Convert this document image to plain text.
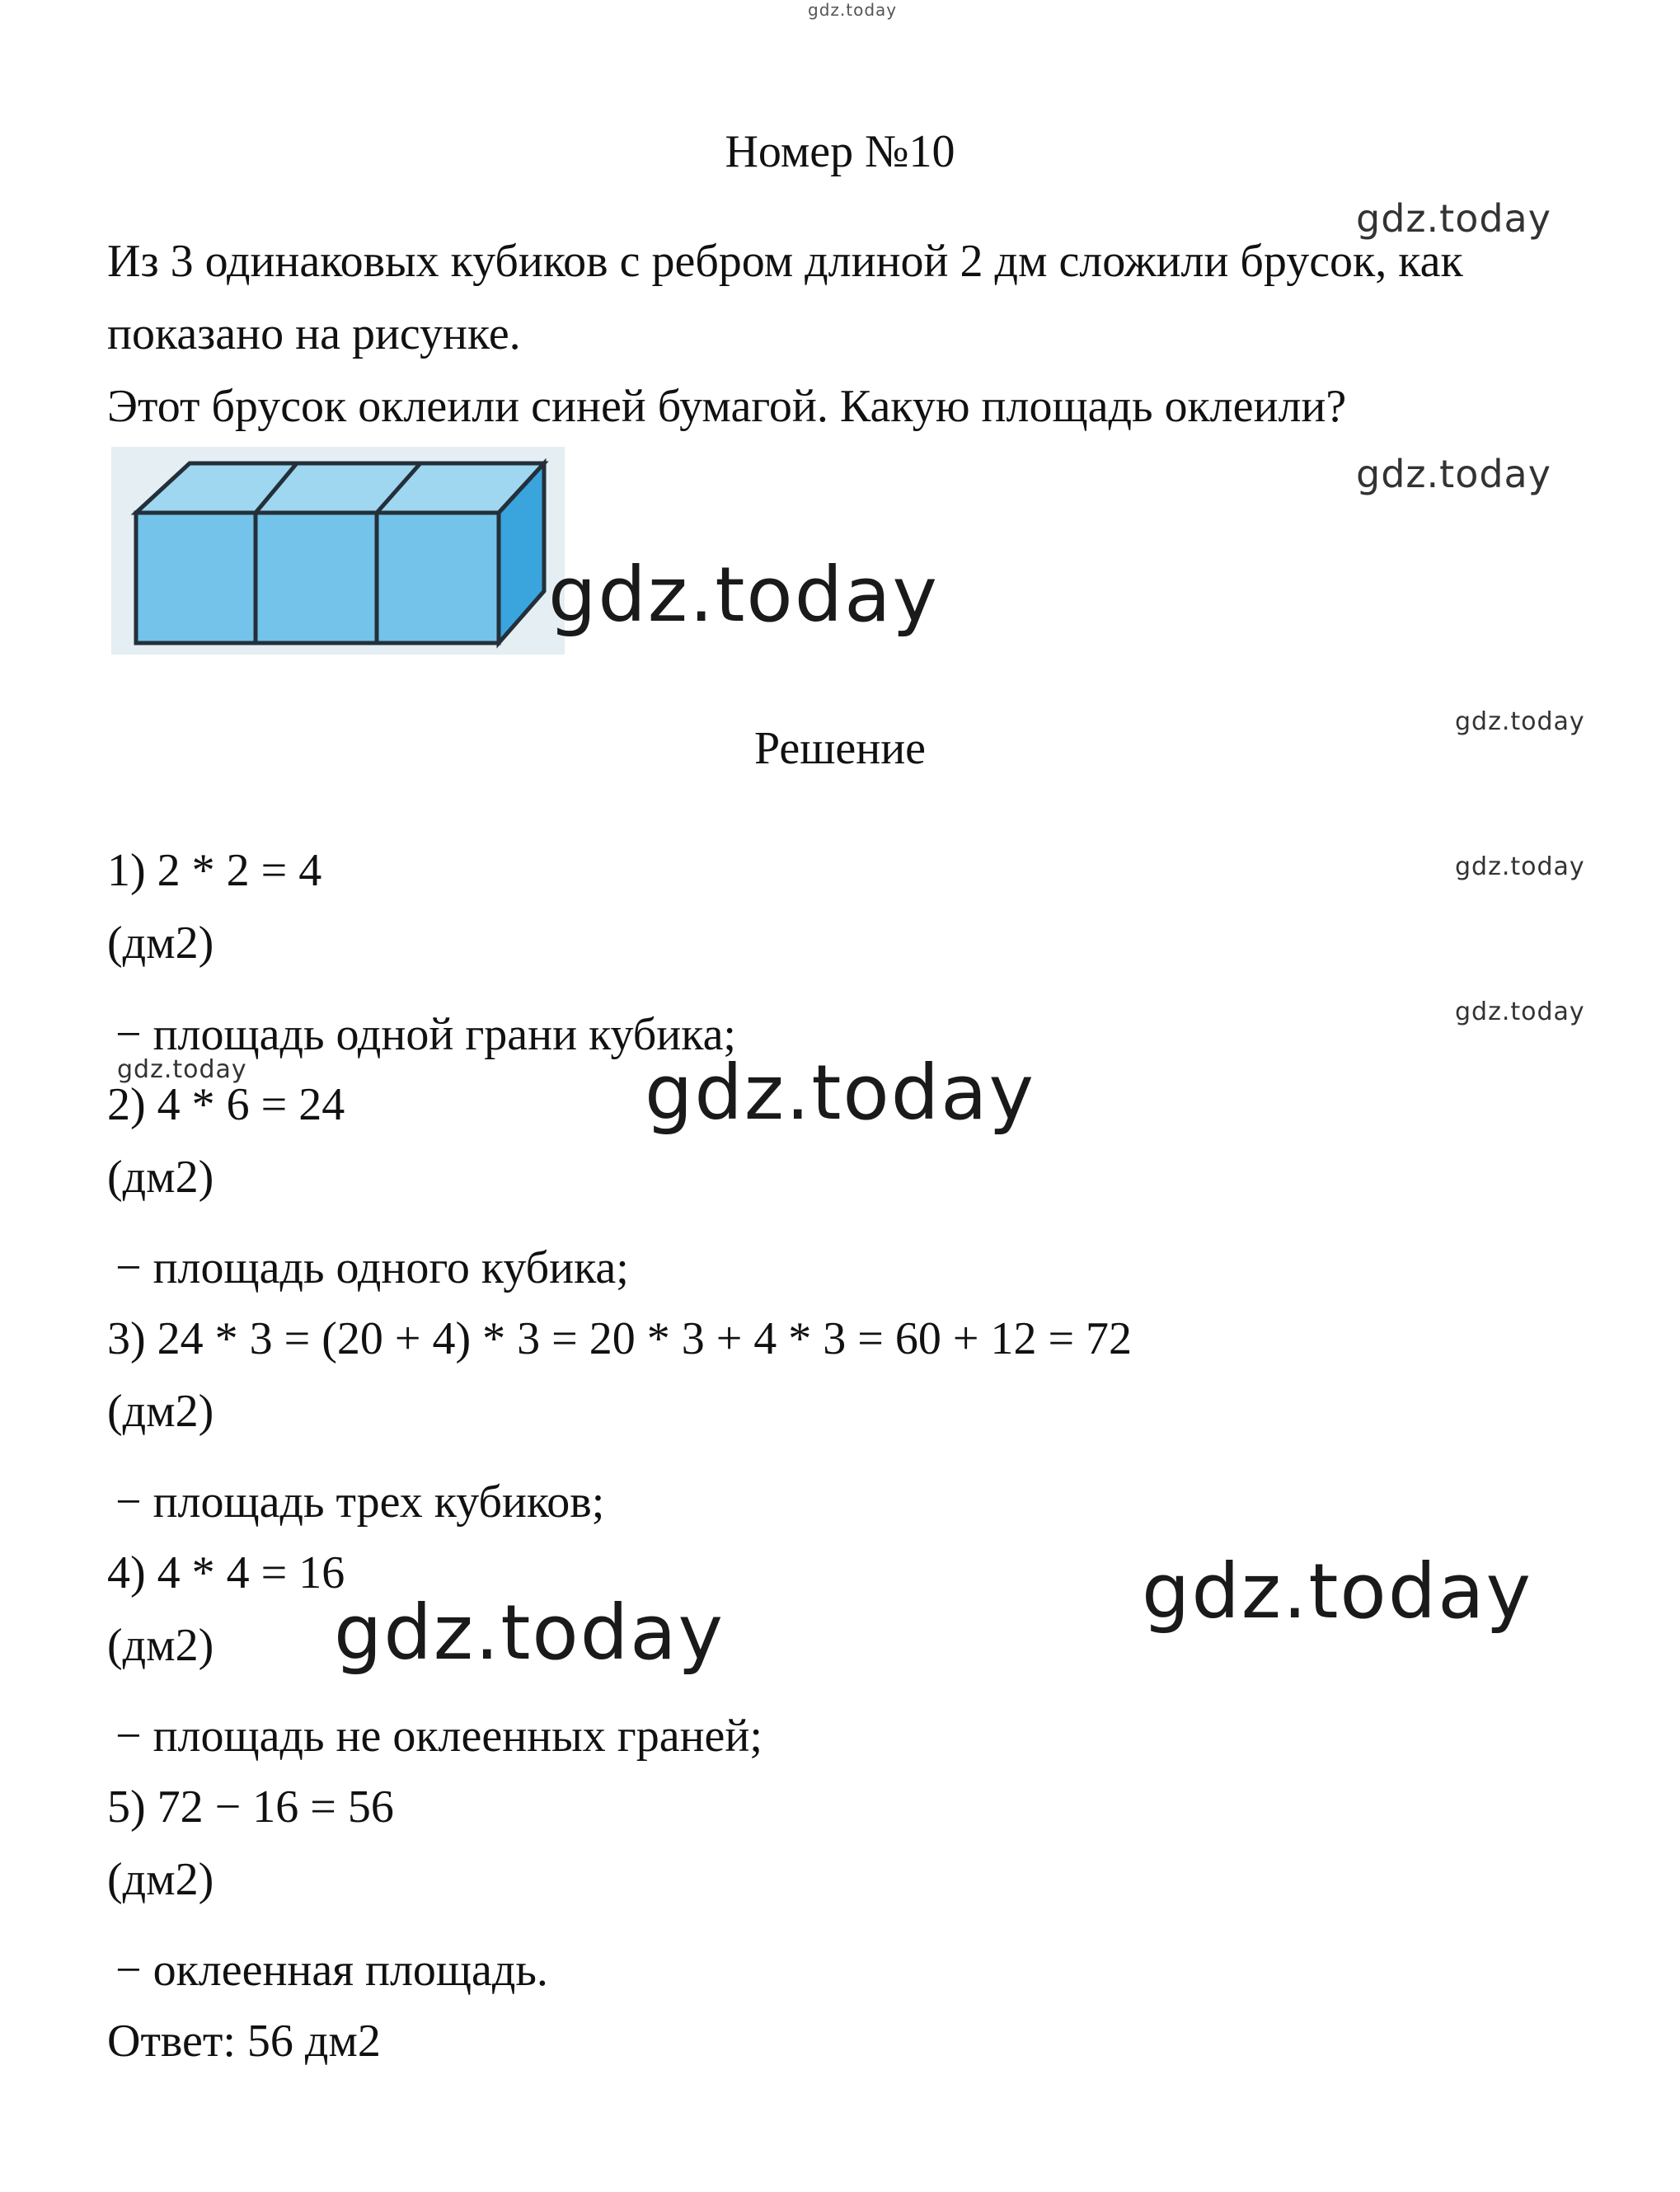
gdz.today
Номер №10
gdz.today
Из 3 одинаковых кубиков с ребром длиной 2 дм сложили брусок, как
показано на рисунке.
Этот брусок оклеили синей бумагой. Какую площадь оклеили?
gdz.today
gdz.today
gdz.today
Решение
1) 2 * 2 = 4	gdz.today
(дм2)
gdz.today
− площадь одной грани кубика;
gdz.today
2) 4 * 6 = 24	gdz.today
(дм2)
− площадь одного кубика;
3) 24 * 3 = (20 + 4) * 3 = 20 * 3 + 4 * 3 = 60 + 12 = 72
(дм2)
− площадь трех кубиков;
4) 4 * 4 = 16	gdz.today
(дм2) gdz.today
− площадь не оклеенных граней;
5) 72 − 16 = 56
(дм2)
− оклеенная площадь.
Ответ: 56 дм2
